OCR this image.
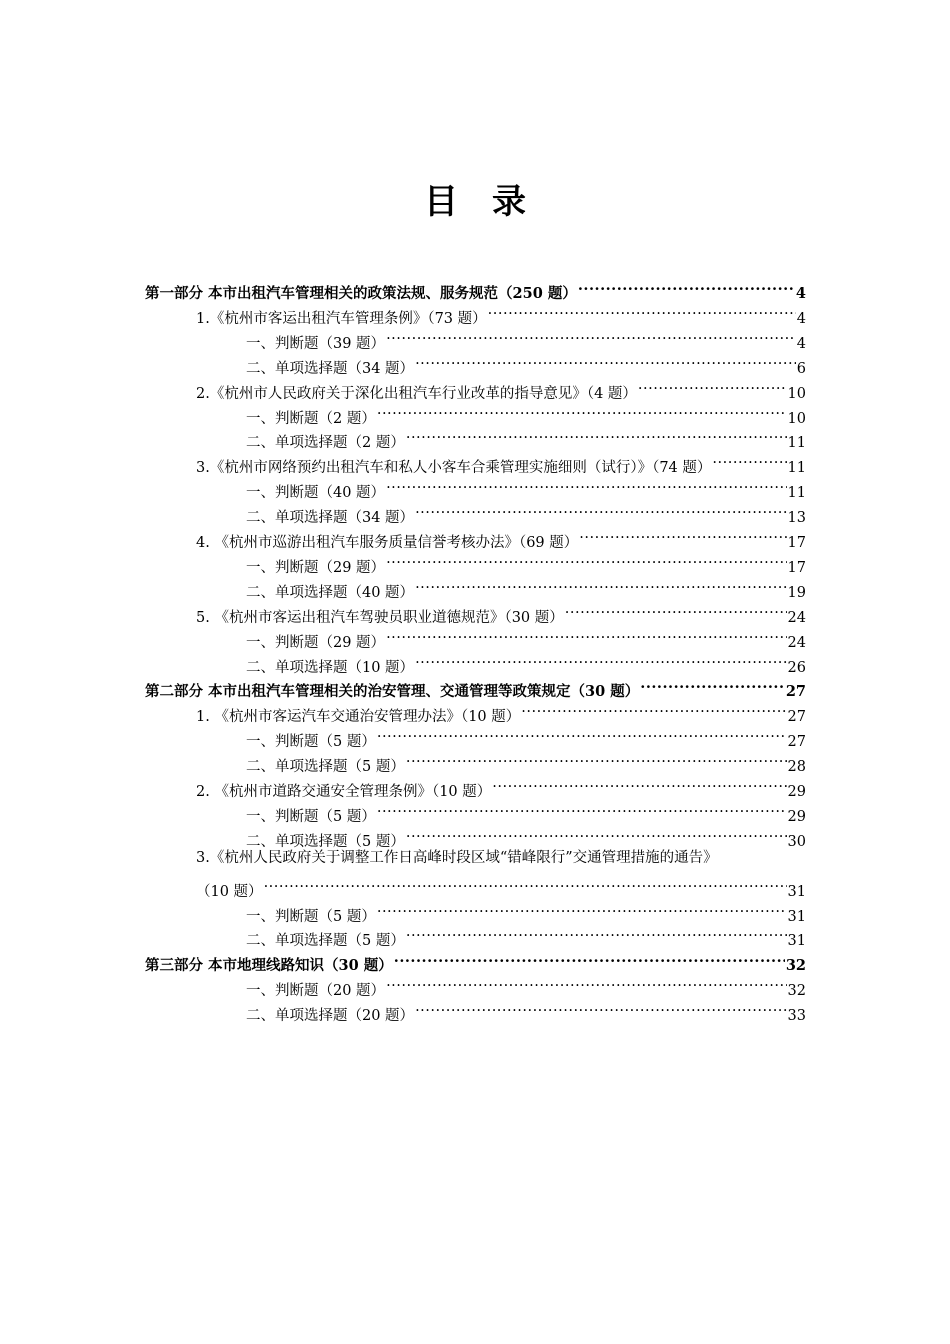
目 录
第一部分 本市出租汽车管理相关的政策法规、服务规范（250 题） .....	4
1.《杭州市客运出租汽车管理条例》（73 题） .....	4
一、判断题（39 题） .....	4
二、单项选择题（34 题） .....	6
2.《杭州市人民政府关于深化出租汽车行业改革的指导意见》（4 题） .....	10
一、判断题（2 题） .....	10
二、单项选择题（2 题） .....	11
3.《杭州市网络预约出租汽车和私人小客车合乘管理实施细则（试行）》（74 题） .....	11
一、判断题（40 题） .....	11
二、单项选择题（34 题） .....	13
4. 《杭州市巡游出租汽车服务质量信誉考核办法》（69 题） .....	17
一、判断题（29 题） .....	17
二、单项选择题（40 题） .....	19
5. 《杭州市客运出租汽车驾驶员职业道德规范》（30 题） .....	24
一、判断题（29 题） .....	24
二、单项选择题（10 题） .....	26
第二部分 本市出租汽车管理相关的治安管理、交通管理等政策规定（30 题） .....	27
1. 《杭州市客运汽车交通治安管理办法》（10 题） .....	27
一、判断题（5 题） .....	27
二、单项选择题（5 题） .....	28
2. 《杭州市道路交通安全管理条例》（10 题） .....	29
一、判断题（5 题） .....	29
二、单项选择题（5 题） .....	30
3.《杭州人民政府关于调整工作日高峰时段区域“错峰限行”交通管理措施的通告》
（10 题） .....	31
一、判断题（5 题） .....	31
二、单项选择题（5 题） .....	31
第三部分 本市地理线路知识（30 题） .....	32
一、判断题（20 题） .....	32
二、单项选择题（20 题） .....	33
